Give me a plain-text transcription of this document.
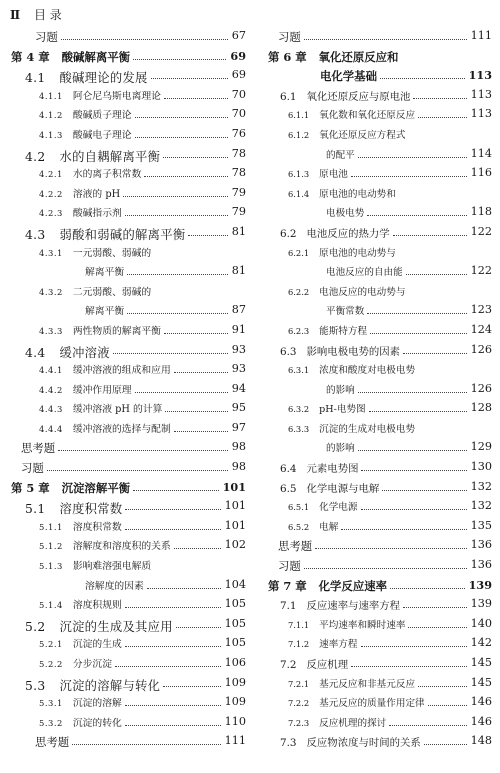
Ⅱ 目 录
习题	67
第 4 章 酸碱解离平衡	69
4.1 酸碱理论的发展	69
4.1.1 阿仑尼乌斯电离理论	70
4.1.2 酸碱质子理论	70
4.1.3 酸碱电子理论	76
4.2 水的自耦解离平衡	78
4.2.1 水的离子积常数	78
4.2.2 溶液的 pH	79
4.2.3 酸碱指示剂	79
4.3 弱酸和弱碱的解离平衡	81
4.3.1 一元弱酸、弱碱的
解离平衡	81
4.3.2 二元弱酸、弱碱的
解离平衡	87
4.3.3 两性物质的解离平衡	91
4.4 缓冲溶液	93
4.4.1 缓冲溶液的组成和应用	93
4.4.2 缓冲作用原理	94
4.4.3 缓冲溶液 pH 的计算	95
4.4.4 缓冲溶液的选择与配制	97
思考题	98
习题	98
第 5 章 沉淀溶解平衡	101
5.1 溶度积常数	101
5.1.1 溶度积常数	101
5.1.2 溶解度和溶度积的关系	102
5.1.3 影响难溶强电解质
溶解度的因素	104
5.1.4 溶度积规则	105
5.2 沉淀的生成及其应用	105
5.2.1 沉淀的生成	105
5.2.2 分步沉淀	106
5.3 沉淀的溶解与转化	109
5.3.1 沉淀的溶解	109
5.3.2 沉淀的转化	110
思考题	111
习题	111
第 6 章 氧化还原反应和
电化学基础	113
6.1 氧化还原反应与原电池	113
6.1.1 氧化数和氧化还原反应	113
6.1.2 氧化还原反应方程式
的配平	114
6.1.3 原电池	116
6.1.4 原电池的电动势和
电极电势	118
6.2 电池反应的热力学	122
6.2.1 原电池的电动势与
电池反应的自由能	122
6.2.2 电池反应的电动势与
平衡常数	123
6.2.3 能斯特方程	124
6.3 影响电极电势的因素	126
6.3.1 浓度和酸度对电极电势
的影响	126
6.3.2 pH-电势图	128
6.3.3 沉淀的生成对电极电势
的影响	129
6.4 元素电势图	130
6.5 化学电源与电解	132
6.5.1 化学电源	132
6.5.2 电解	135
思考题	136
习题	136
第 7 章 化学反应速率	139
7.1 反应速率与速率方程	139
7.1.1 平均速率和瞬时速率	140
7.1.2 速率方程	142
7.2 反应机理	145
7.2.1 基元反应和非基元反应	145
7.2.2 基元反应的质量作用定律	146
7.2.3 反应机理的探讨	146
7.3 反应物浓度与时间的关系	148
